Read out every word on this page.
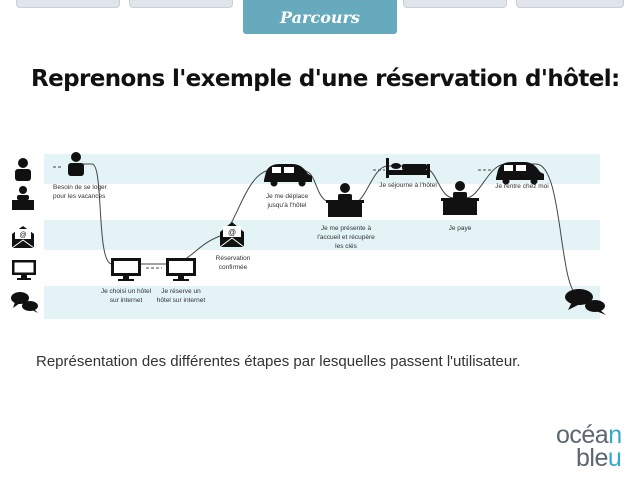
Parcours
Reprenons l'exemple d'une réservation d'hôtel:
@	@
Besoin de se loger
pour les vacances
Je choisi un hôtel
sur internet
Je réserve un
hôtel sur internet
Réservation
confirmée
Je me déplace
jusqu'à l'hôtel
Je me présente à
l'accueil et récupère
les clés
Je séjourne à l'hôtel
Je paye
Je rentre chez moi
Représentation des différentes étapes par lesquelles passent l'utilisateur.
océan
bleu
